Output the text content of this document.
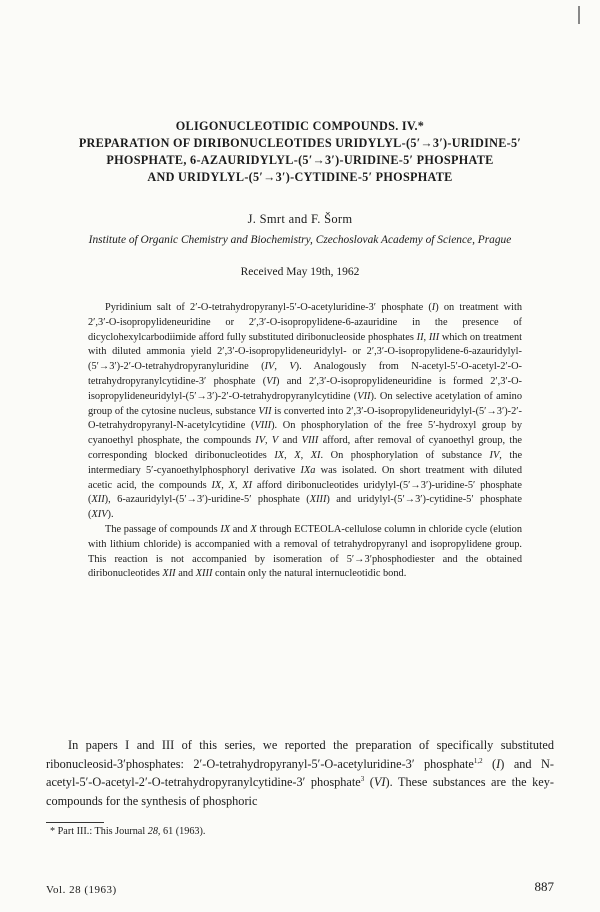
OLIGONUCLEOTIDIC COMPOUNDS. IV.*
PREPARATION OF DIRIBONUCLEOTIDES URIDYLYL-(5′→3′)-URIDINE-5′
PHOSPHATE, 6-AZAURIDYLYL-(5′→3′)-URIDINE-5′ PHOSPHATE
AND URIDYLYL-(5′→3′)-CYTIDINE-5′ PHOSPHATE
J. Smrt and F. Šorm
Institute of Organic Chemistry and Biochemistry, Czechoslovak Academy of Science, Prague
Received May 19th, 1962

Pyridinium salt of 2′-O-tetrahydropyranyl-5′-O-acetyluridine-3′ phosphate (I) on treatment with 2′,3′-O-isopropylideneuridine or 2′,3′-O-isopropylidene-6-azauridine in the presence of dicyclohexylcarbodiimide afford fully substituted diribonucleoside phosphates II, III which on treatment with diluted ammonia yield 2′,3′-O-isopropylideneuridylyl- or 2′,3′-O-isopropylidene-6-azauridylyl-(5′→3′)-2′-O-tetrahydropyranyluridine (IV, V). Analogously from N-acetyl-5′-O-acetyl-2′-O-tetrahydropyranylcytidine-3′ phosphate (VI) and 2′,3′-O-isopropylideneuridine is formed 2′,3′-O-isopropylideneuridylyl-(5′→3′)-2′-O-tetrahydropyranylcytidine (VII). On selective acetylation of amino group of the cytosine nucleus, substance VII is converted into 2′,3′-O-isopropylideneuridylyl-(5′→3′)-2′-O-tetrahydropyranyl-N-acetylcytidine (VIII). On phosphorylation of the free 5′-hydroxyl group by cyanoethyl phosphate, the compounds IV, V and VIII afford, after removal of cyanoethyl group, the corresponding blocked diribonucleotides IX, X, XI. On phosphorylation of substance IV, the intermediary 5′-cyanoethylphosphoryl derivative IXa was isolated. On short treatment with diluted acetic acid, the compounds IX, X, XI afford diribonucleotides uridylyl-(5′→3′)-uridine-5′ phosphate (XII), 6-azauridylyl-(5′→3′)-uridine-5′ phosphate (XIII) and uridylyl-(5′→3′)-cytidine-5′ phosphate (XIV).

The passage of compounds IX and X through ECTEOLA-cellulose column in chloride cycle (elution with lithium chloride) is accompanied with a removal of tetrahydropyranyl and isopropylidene group. This reaction is not accompanied by isomeration of 5′→3′phosphodiester and the obtained diribonucleotides XII and XIII contain only the natural internucleotidic bond.

In papers I and III of this series, we reported the preparation of specifically substituted ribonucleosid-3′phosphates: 2′-O-tetrahydropyranyl-5′-O-acetyluridine-3′ phosphate$^{1,2}$ (I) and N-acetyl-5′-O-acetyl-2′-O-tetrahydropyranylcytidine-3′ phosphate$^3$ (VI). These substances are the key-compounds for the synthesis of phosphoric

* Part III.: This Journal 28, 61 (1963).
Vol. 28 (1963)	887
